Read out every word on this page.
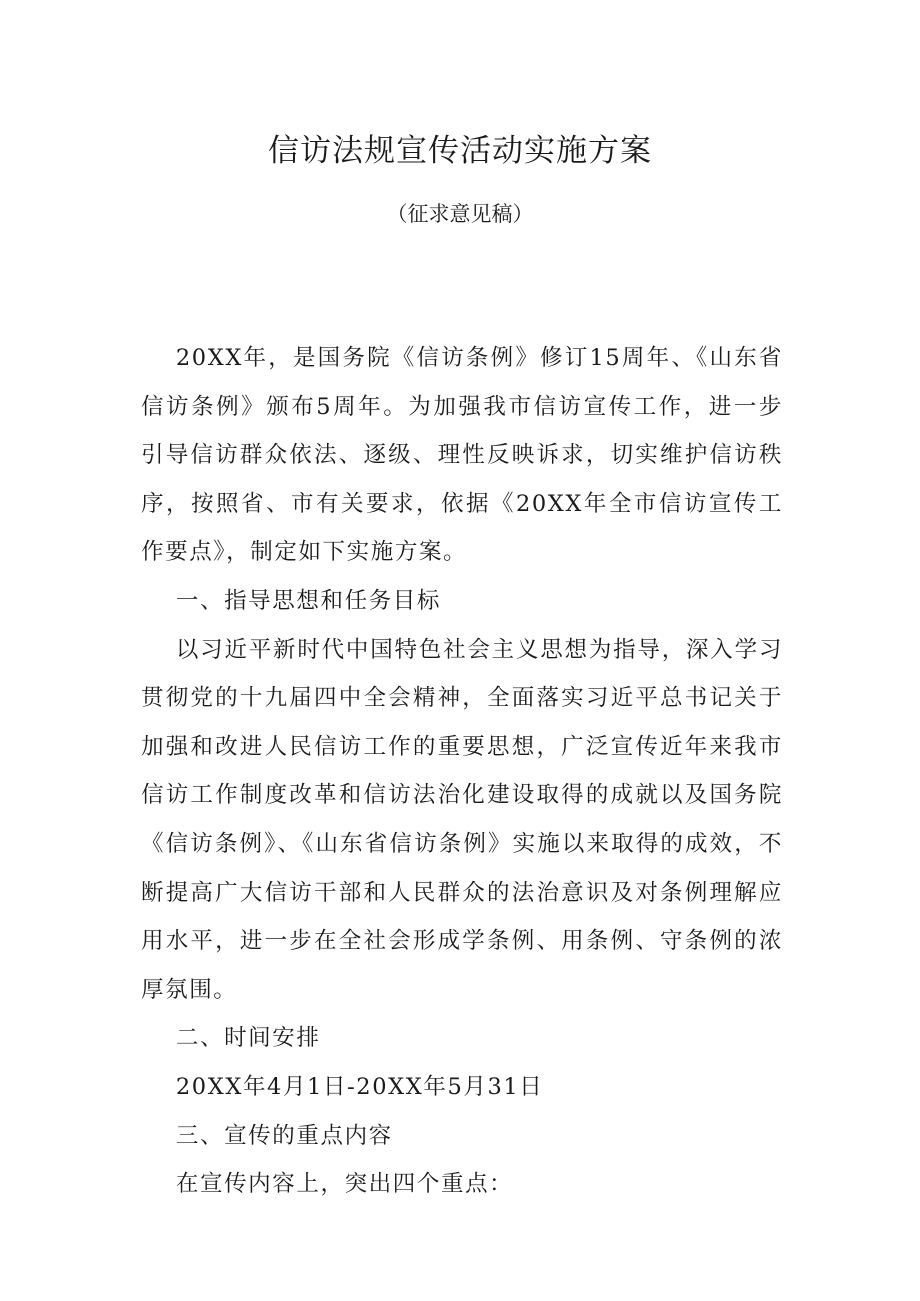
信访法规宣传活动实施方案
（征求意见稿）

20XX年，是国务院《信访条例》修订15周年、《山东省信访条例》颁布5周年。为加强我市信访宣传工作，进一步引导信访群众依法、逐级、理性反映诉求，切实维护信访秩序，按照省、市有关要求，依据《20XX年全市信访宣传工作要点》，制定如下实施方案。

一、指导思想和任务目标

以习近平新时代中国特色社会主义思想为指导，深入学习贯彻党的十九届四中全会精神，全面落实习近平总书记关于加强和改进人民信访工作的重要思想，广泛宣传近年来我市信访工作制度改革和信访法治化建设取得的成就以及国务院《信访条例》、《山东省信访条例》实施以来取得的成效，不断提高广大信访干部和人民群众的法治意识及对条例理解应用水平，进一步在全社会形成学条例、用条例、守条例的浓厚氛围。

二、时间安排

20XX年4月1日-20XX年5月31日

三、宣传的重点内容

在宣传内容上，突出四个重点：
